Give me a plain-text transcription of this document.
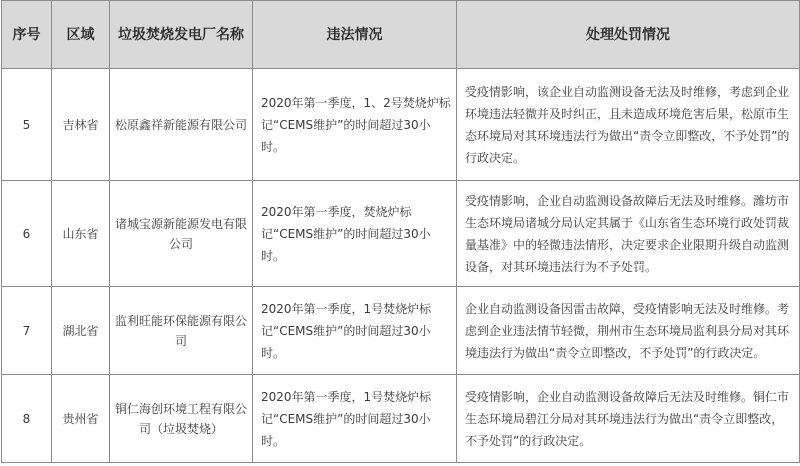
序号	区域	垃圾焚烧发电厂名称	违法情况	处理处罚情况
5	吉林省	松原鑫祥新能源有限公司	2020年第一季度，1、2号焚烧炉标记“CEMS维护”的时间超过30小时。	受疫情影响，该企业自动监测设备无法及时维修，考虑到企业环境违法轻微并及时纠正，且未造成环境危害后果，松原市生态环境局对其环境违法行为做出“责令立即整改，不予处罚”的行政决定。
6	山东省	诸城宝源新能源发电有限公司	2020年第一季度，焚烧炉标记“CEMS维护”的时间超过30小时。	受疫情影响，企业自动监测设备故障后无法及时维修。潍坊市生态环境局诸城分局认定其属于《山东省生态环境行政处罚裁量基准》中的轻微违法情形，决定要求企业限期升级自动监测设备，对其环境违法行为不予处罚。
7	湖北省	监利旺能环保能源有限公司	2020年第一季度，1号焚烧炉标记“CEMS维护”的时间超过30小时。	企业自动监测设备因雷击故障，受疫情影响无法及时维修。考虑到企业违法情节轻微，荆州市生态环境局监利县分局对其环境违法行为做出“责令立即整改，不予处罚”的行政决定。
8	贵州省	铜仁海创环境工程有限公司（垃圾焚烧）	2020年第一季度，1号焚烧炉标记“CEMS维护”的时间超过30小时。	受疫情影响，企业自动监测设备故障后无法及时维修。铜仁市生态环境局碧江分局对其环境违法行为做出“责令立即整改，不予处罚”的行政决定。
